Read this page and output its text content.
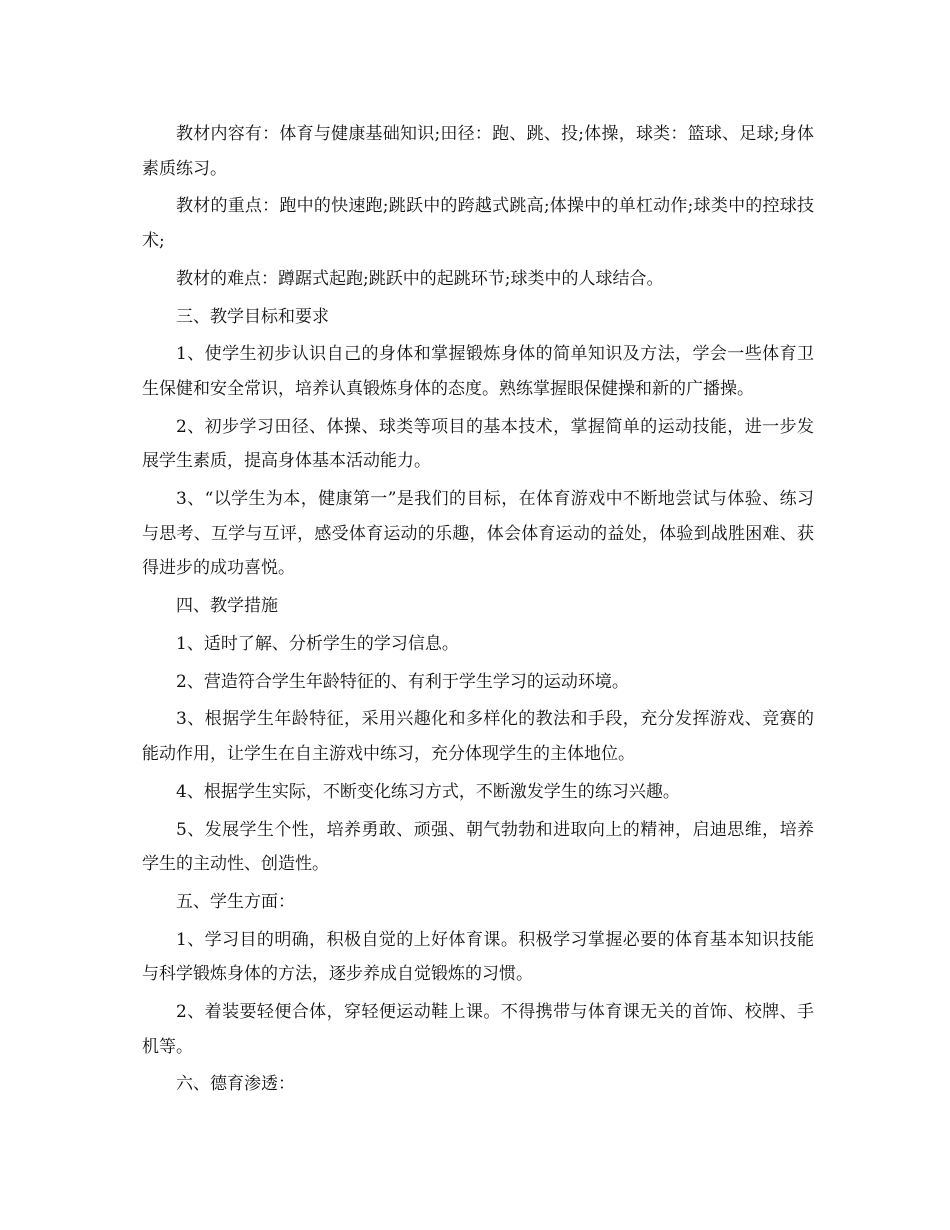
教材内容有：体育与健康基础知识;田径：跑、跳、投;体操，球类：篮球、足球;身体素质练习。

教材的重点：跑中的快速跑;跳跃中的跨越式跳高;体操中的单杠动作;球类中的控球技术;

教材的难点：蹲踞式起跑;跳跃中的起跳环节;球类中的人球结合。

三、教学目标和要求

1、使学生初步认识自己的身体和掌握锻炼身体的简单知识及方法，学会一些体育卫生保健和安全常识，培养认真锻炼身体的态度。熟练掌握眼保健操和新的广播操。

2、初步学习田径、体操、球类等项目的基本技术，掌握简单的运动技能，进一步发展学生素质，提高身体基本活动能力。

3、“以学生为本，健康第一”是我们的目标，在体育游戏中不断地尝试与体验、练习与思考、互学与互评，感受体育运动的乐趣，体会体育运动的益处，体验到战胜困难、获得进步的成功喜悦。

四、教学措施

1、适时了解、分析学生的学习信息。

2、营造符合学生年龄特征的、有利于学生学习的运动环境。

3、根据学生年龄特征，采用兴趣化和多样化的教法和手段，充分发挥游戏、竞赛的能动作用，让学生在自主游戏中练习，充分体现学生的主体地位。

4、根据学生实际，不断变化练习方式，不断激发学生的练习兴趣。

5、发展学生个性，培养勇敢、顽强、朝气勃勃和进取向上的精神，启迪思维，培养学生的主动性、创造性。

五、学生方面：

1、学习目的明确，积极自觉的上好体育课。积极学习掌握必要的体育基本知识技能与科学锻炼身体的方法，逐步养成自觉锻炼的习惯。

2、着装要轻便合体，穿轻便运动鞋上课。不得携带与体育课无关的首饰、校牌、手机等。

六、德育渗透：
